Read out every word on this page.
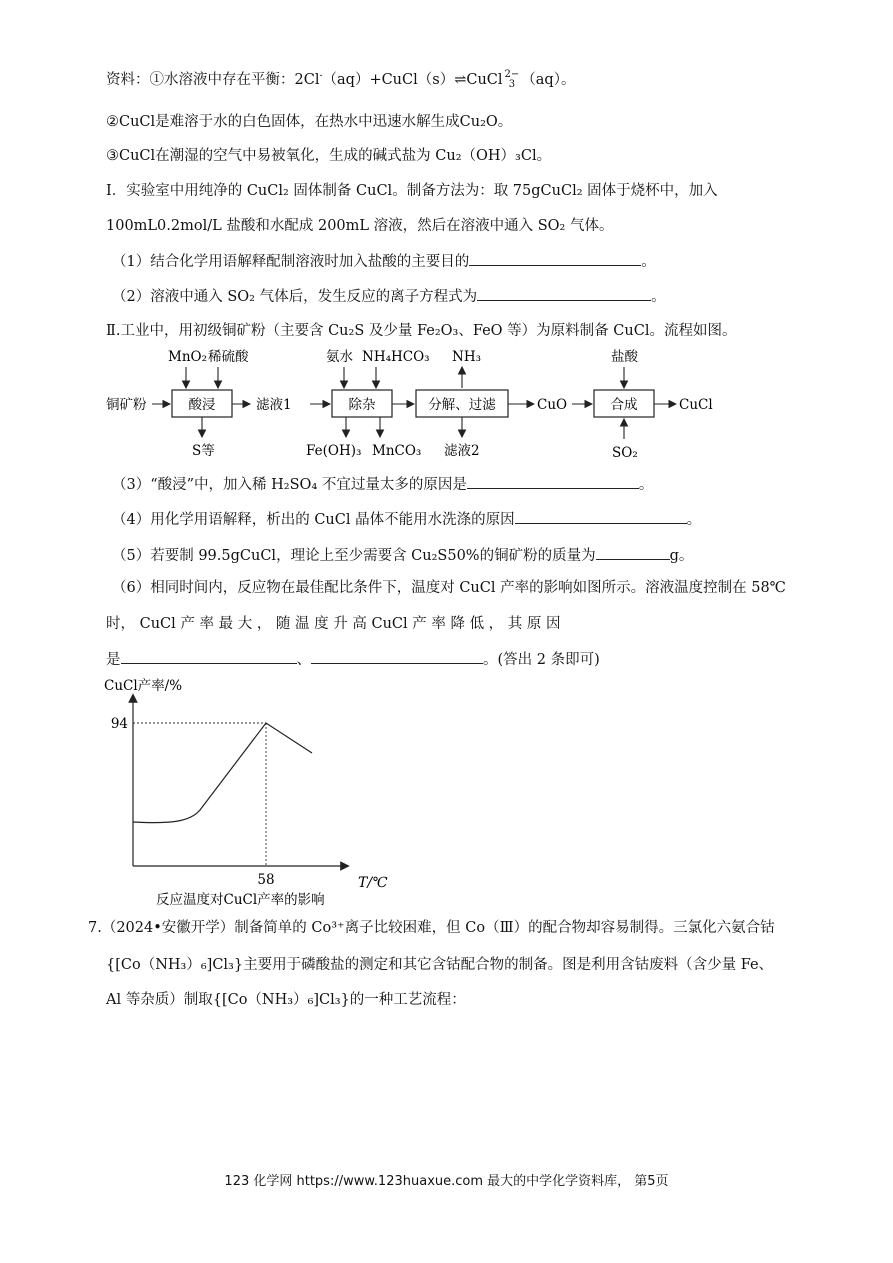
资料：①水溶液中存在平衡：2Cl-（aq）+CuCl（s）⇌CuCl 2−
3 （aq）。
②CuCl是难溶于水的白色固体，在热水中迅速水解生成Cu₂O。
③CuCl在潮湿的空气中易被氧化，生成的碱式盐为 Cu₂（OH）₃Cl。
Ⅰ．实验室中用纯净的 CuCl₂ 固体制备 CuCl。制备方法为：取 75gCuCl₂ 固体于烧杯中，加入
100mL0.2mol/L 盐酸和水配成 200mL 溶液，然后在溶液中通入 SO₂ 气体。
（1）结合化学用语解释配制溶液时加入盐酸的主要目的	。
（2）溶液中通入 SO₂ 气体后，发生反应的离子方程式为	。
Ⅱ.工业中，用初级铜矿粉（主要含 Cu₂S 及少量 Fe₂O₃、FeO 等）为原料制备 CuCl。流程如图。
铜矿粉	酸浸
MnO₂ 稀硫酸
S等
滤液1	除杂
氨水 NH₄HCO₃
Fe(OH)₃ MnCO₃
分解、过滤
NH₃
滤液2
CuO	合成
盐酸
SO₂
CuCl
（3）“酸浸”中，加入稀 H₂SO₄ 不宜过量太多的原因是	。
（4）用化学用语解释，析出的 CuCl 晶体不能用水洗涤的原因	。
（5）若要制 99.5gCuCl，理论上至少需要含 Cu₂S50%的铜矿粉的质量为	g。
（6）相同时间内，反应物在最佳配比条件下，温度对 CuCl 产率的影响如图所示。溶液温度控制在 58℃
时， CuCl 产 率 最 大 ， 随 温 度 升 高 CuCl 产 率 降 低 ， 其 原 因
是	、	。(答出 2 条即可)
CuCl产率/%
94
58	T/℃
反应温度对CuCl产率的影响
7.（2024•安徽开学）制备简单的 Co³⁺离子比较困难，但 Co（Ⅲ）的配合物却容易制得。三氯化六氨合钴
{[Co（NH₃）₆]Cl₃}主要用于磷酸盐的测定和其它含钴配合物的制备。图是利用含钴废料（含少量 Fe、
Al 等杂质）制取{[Co（NH₃）₆]Cl₃}的一种工艺流程：
123 化学网 https://www.123huaxue.com 最大的中学化学资料库， 第5页
